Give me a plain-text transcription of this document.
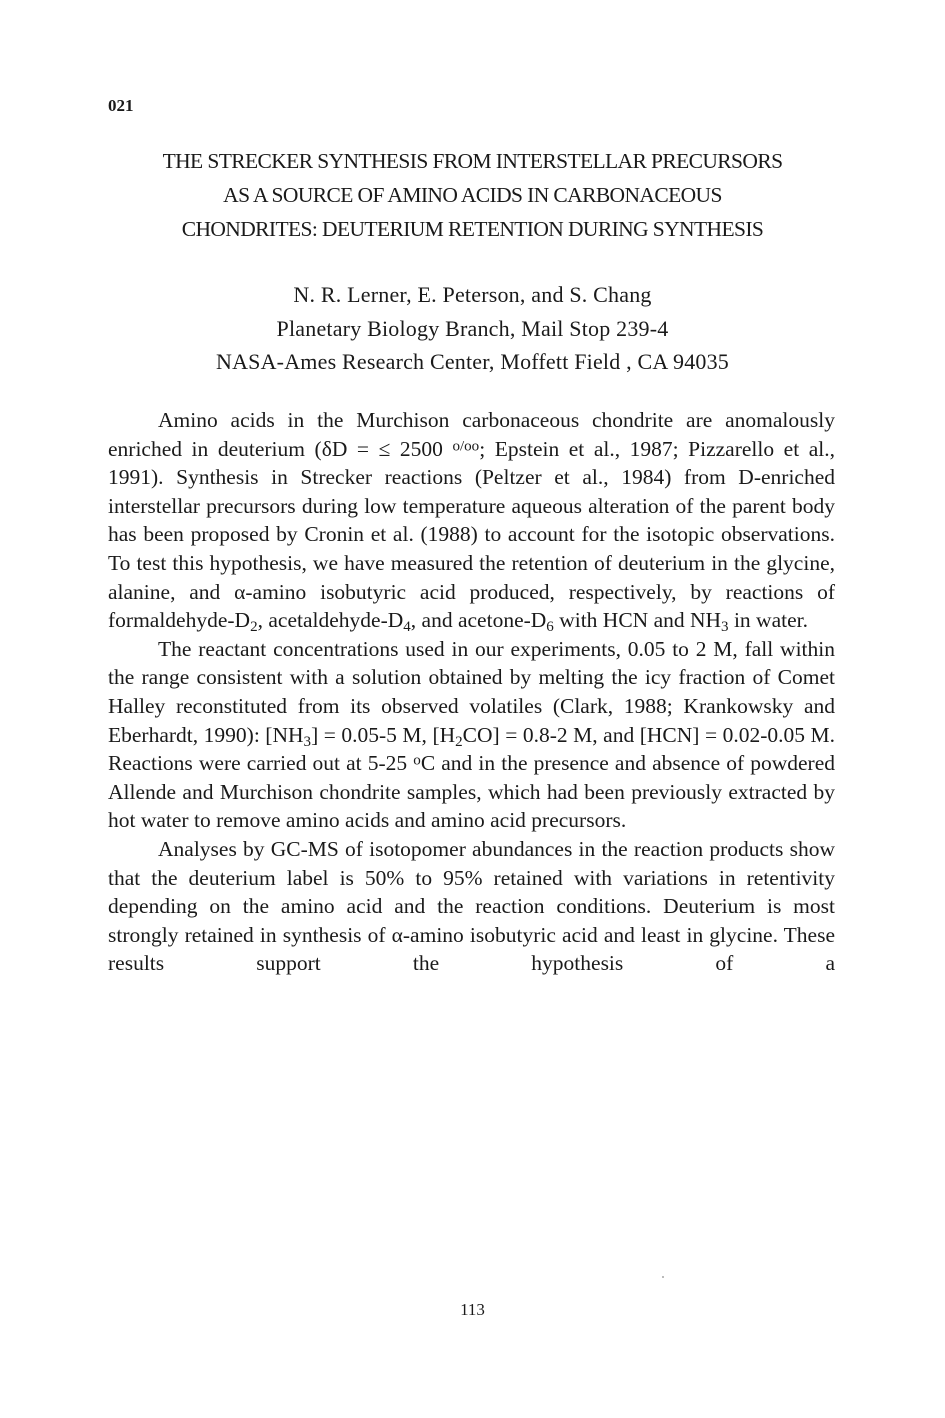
021
THE STRECKER SYNTHESIS FROM INTERSTELLAR PRECURSORS
AS A SOURCE OF AMINO ACIDS IN CARBONACEOUS
CHONDRITES: DEUTERIUM RETENTION DURING SYNTHESIS
N. R. Lerner, E. Peterson, and S. Chang
Planetary Biology Branch, Mail Stop 239-4
NASA-Ames Research Center, Moffett Field , CA 94035

Amino acids in the Murchison carbonaceous chondrite are anomalously enriched in deuterium (δD = ≤ 2500 $^{o/oo}$; Epstein et al., 1987; Pizzarello et al., 1991). Synthesis in Strecker reactions (Peltzer et al., 1984) from D-enriched interstellar precursors during low temperature aqueous alteration of the parent body has been proposed by Cronin et al. (1988) to account for the isotopic observations. To test this hypothesis, we have measured the retention of deuterium in the glycine, alanine, and α-amino isobutyric acid produced, respectively, by reactions of formaldehyde-$D_2$, acetaldehyde-$D_4$, and acetone-$D_6$ with HCN and $NH_3$ in water.

The reactant concentrations used in our experiments, 0.05 to 2 M, fall within the range consistent with a solution obtained by melting the icy fraction of Comet Halley reconstituted from its observed volatiles (Clark, 1988; Krankowsky and Eberhardt, 1990): $[NH_3] = 0.05-5$ M, $[H_2CO] = 0.8-2$ M, and [HCN] = 0.02-0.05 M. Reactions were carried out at 5-25 $^o$C and in the presence and absence of powdered Allende and Murchison chondrite samples, which had been previously extracted by hot water to remove amino acids and amino acid precursors.

Analyses by GC-MS of isotopomer abundances in the reaction products show that the deuterium label is 50% to 95% retained with variations in retentivity depending on the amino acid and the reaction conditions. Deuterium is most strongly retained in synthesis of α-amino isobutyric acid and least in glycine. These results support the hypothesis of a

113
